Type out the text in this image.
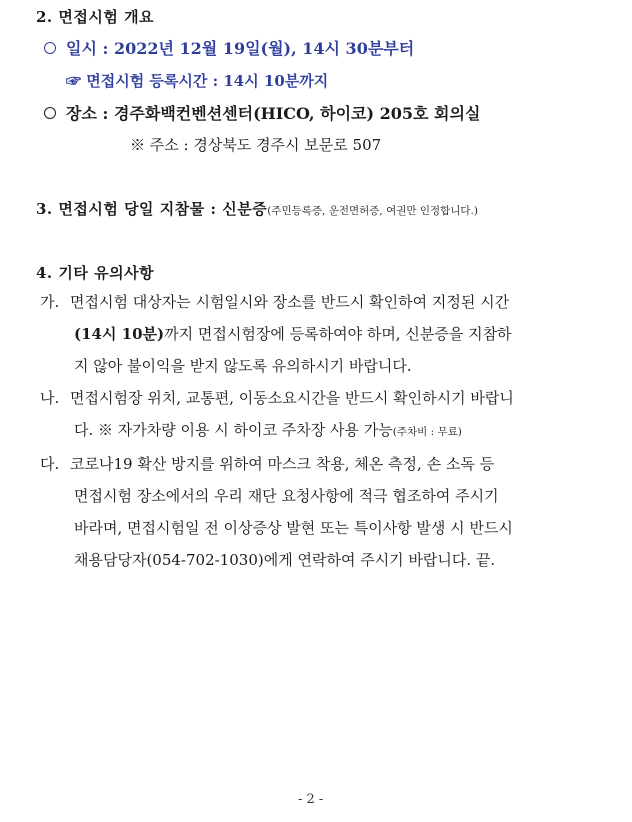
2. 면접시험 개요
일시 : 2022년 12월 19일(월), 14시 30분부터
☞ 면접시험 등록시간 : 14시 10분까지
장소 : 경주화백컨벤션센터(HICO, 하이코) 205호 회의실
※ 주소 : 경상북도 경주시 보문로 507
3. 면접시험 당일 지참물 : 신분증(주민등록증, 운전면허증, 여권만 인정합니다.)
4. 기타 유의사항
가. 면접시험 대상자는 시험일시와 장소를 반드시 확인하여 지정된 시간
(14시 10분)까지 면접시험장에 등록하여야 하며, 신분증을 지참하
지 않아 불이익을 받지 않도록 유의하시기 바랍니다.
나. 면접시험장 위치, 교통편, 이동소요시간을 반드시 확인하시기 바랍니
다. ※ 자가차량 이용 시 하이코 주차장 사용 가능(주차비 : 무료)
다. 코로나19 확산 방지를 위하여 마스크 착용, 체온 측정, 손 소독 등
면접시험 장소에서의 우리 재단 요청사항에 적극 협조하여 주시기
바라며, 면접시험일 전 이상증상 발현 또는 특이사항 발생 시 반드시
채용담당자(054-702-1030)에게 연락하여 주시기 바랍니다. 끝.
- 2 -
